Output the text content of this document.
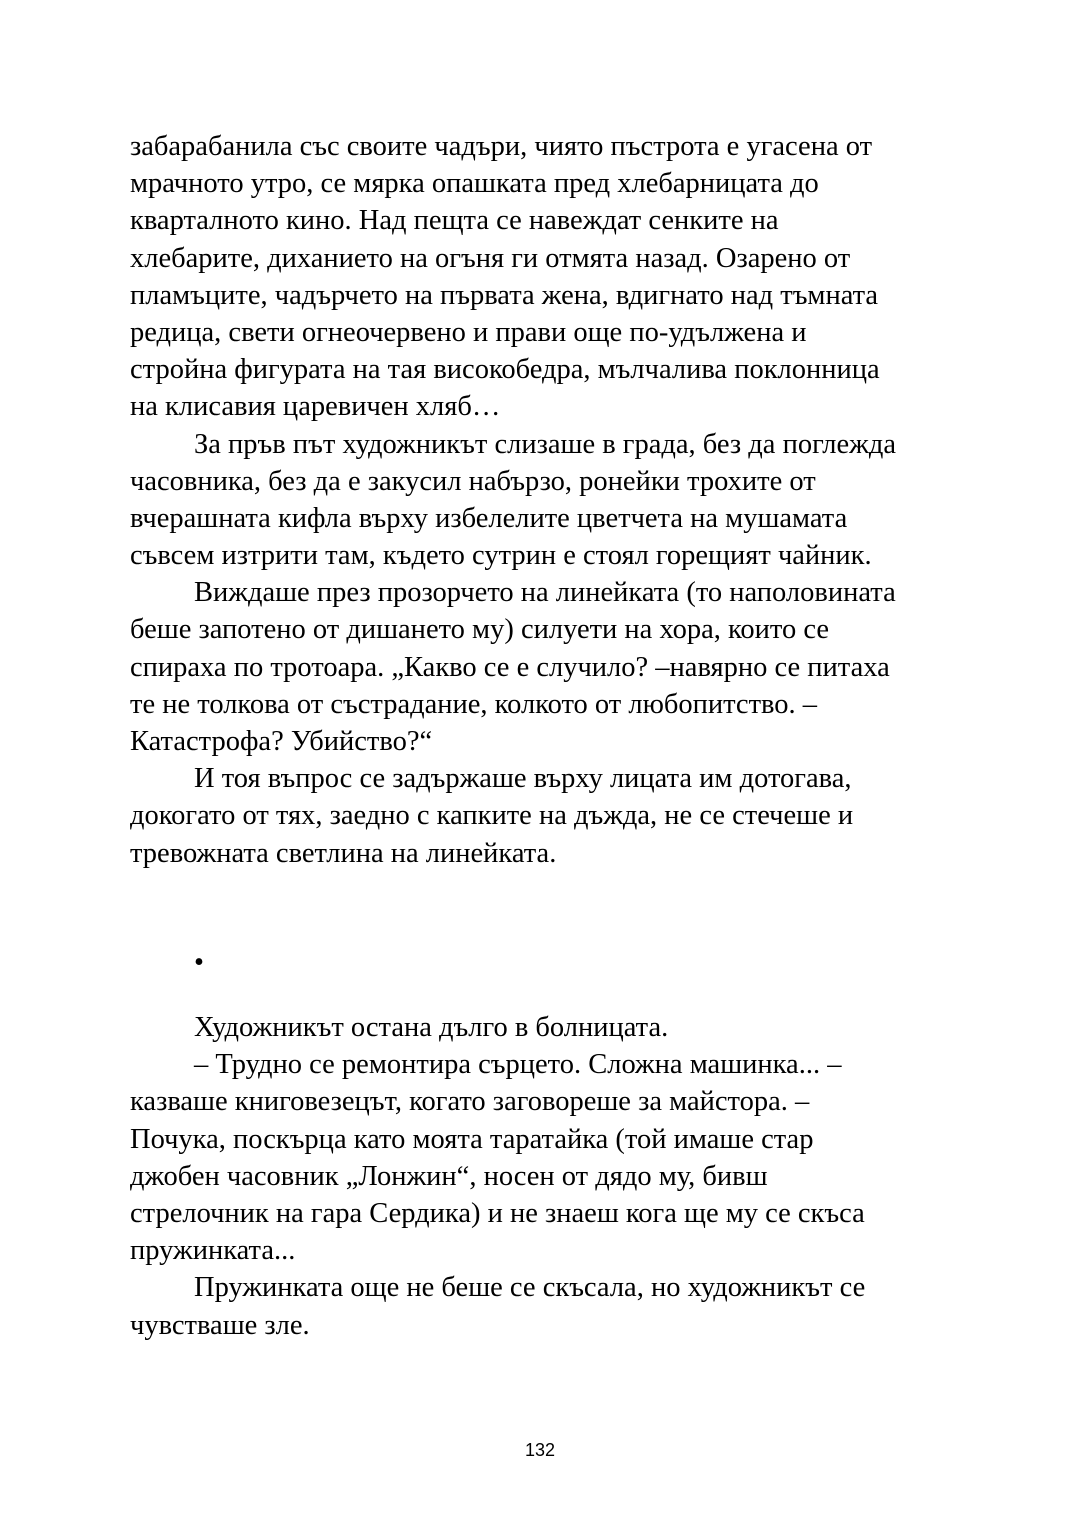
забарабанила със своите чадъри, чиято пъстрота е угасена от
мрачното утро, се мярка опашката пред хлебарницата до
кварталното кино. Над пещта се навеждат сенките на
хлебарите, диханието на огъня ги отмята назад. Озарено от
пламъците, чадърчето на първата жена, вдигнато над тъмната
редица, свети огнеочервено и прави още по-удължена и
стройна фигурата на тая високобедра, мълчалива поклонница
на клисавия царевичен хляб…
За пръв път художникът слизаше в града, без да поглежда
часовника, без да е закусил набързо, ронейки трохите от
вчерашната кифла върху избелелите цветчета на мушамата
съвсем изтрити там, където сутрин е стоял горещият чайник.
Виждаше през прозорчето на линейката (то наполовината
беше запотено от дишането му) силуети на хора, които се
спираха по тротоара. „Какво се е случило? –навярно се питаха
те не толкова от състрадание, колкото от любопитство. –
Катастрофа? Убийство?“
И тоя въпрос се задържаше върху лицата им дотогава,
докогато от тях, заедно с капките на дъжда, не се стечеше и
тревожната светлина на линейката.
•
Художникът остана дълго в болницата.
– Трудно се ремонтира сърцето. Сложна машинка... –
казваше книговезецът, когато заговореше за майстора. –
Почука, поскърца като моята таратайка (той имаше стар
джобен часовник „Лонжин“, носен от дядо му, бивш
стрелочник на гара Сердика) и не знаеш кога ще му се скъса
пружинката...
Пружинката още не беше се скъсала, но художникът се
чувстваше зле.
132
